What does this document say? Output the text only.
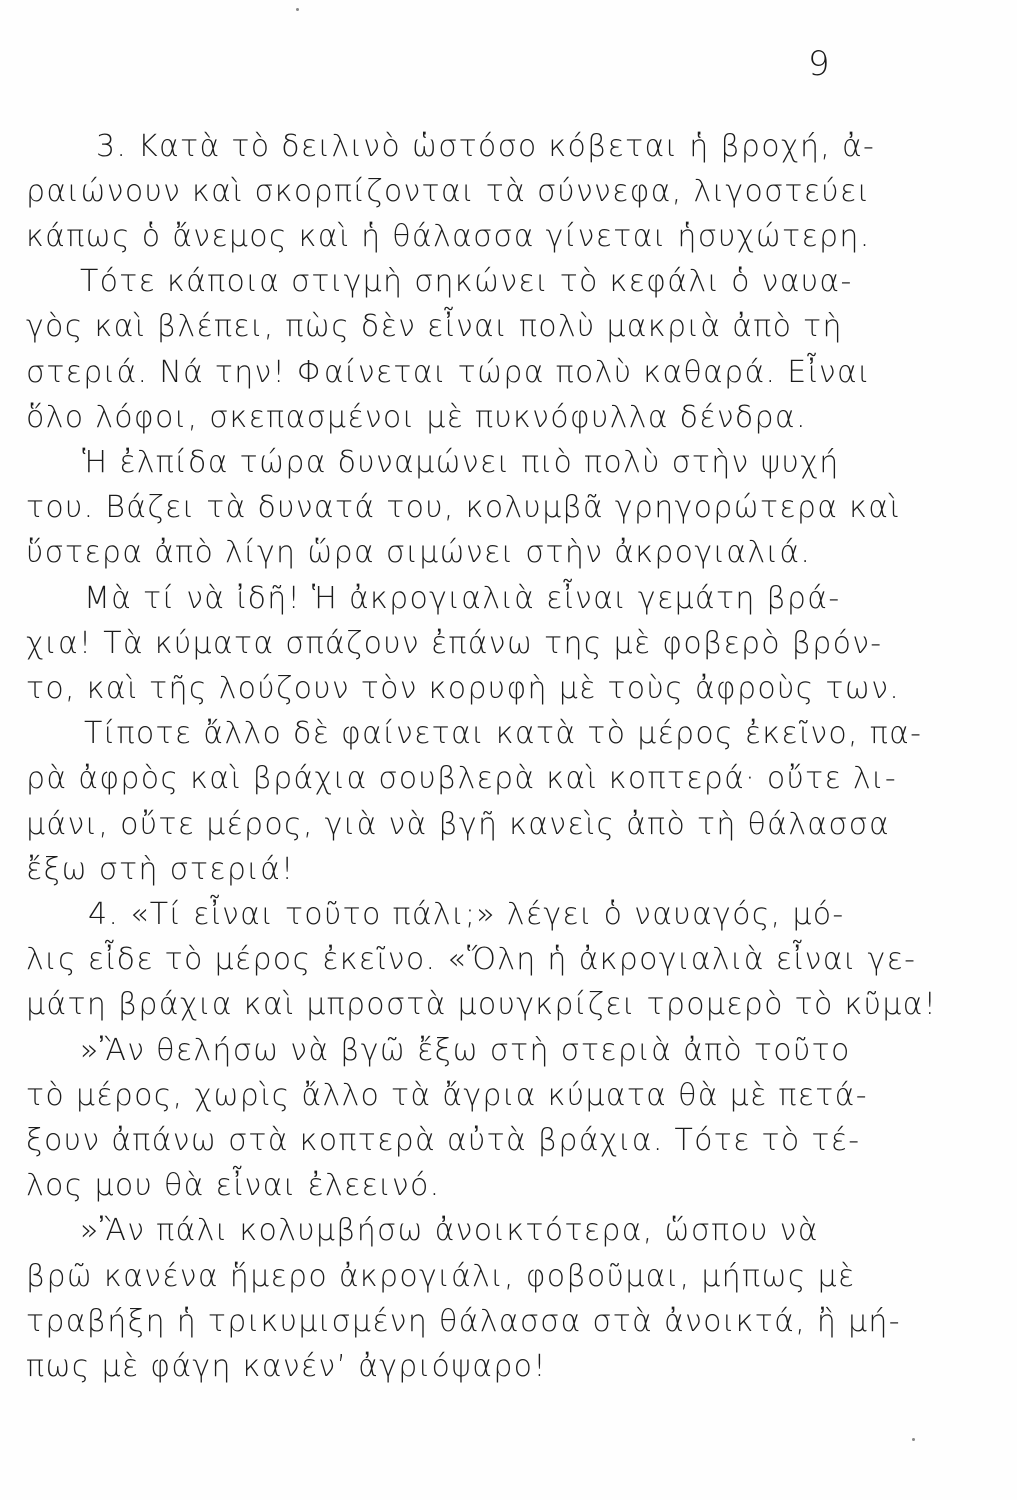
9
3. Κατὰ τὸ δειλινὸ ὡστόσο κόβεται ἡ βροχή, ἀ-
ραιώνουν καὶ σκορπίζονται τὰ σύννεφα, λιγοστεύει
κάπως ὁ ἄνεμος καὶ ἡ θάλασσα γίνεται ἡσυχώτερη.
Τότε κάποια στιγμὴ σηκώνει τὸ κεφάλι ὁ ναυα-
γὸς καὶ βλέπει, πὼς δὲν εἶναι πολὺ μακριὰ ἀπὸ τὴ
στεριά. Νά την! Φαίνεται τώρα πολὺ καθαρά. Εἶναι
ὅλο λόφοι, σκεπασμένοι μὲ πυκνόφυλλα δένδρα.
Ἡ ἐλπίδα τώρα δυναμώνει πιὸ πολὺ στὴν ψυχή
του. Βάζει τὰ δυνατά του, κολυμβᾶ γρηγορώτερα καὶ
ὕστερα ἀπὸ λίγη ὥρα σιμώνει στὴν ἀκρογιαλιά.
Μὰ τί νὰ ἰδῆ! Ἡ ἀκρογιαλιὰ εἶναι γεμάτη βρά-
χια! Τὰ κύματα σπάζουν ἐπάνω της μὲ φοβερὸ βρόν-
το, καὶ τῆς λούζουν τὸν κορυφὴ μὲ τοὺς ἀφροὺς των.
Τίποτε ἄλλο δὲ φαίνεται κατὰ τὸ μέρος ἐκεῖνο, πα-
ρὰ ἀφρὸς καὶ βράχια σουβλερὰ καὶ κοπτερά· οὔτε λι-
μάνι, οὔτε μέρος, γιὰ νὰ βγῆ κανεὶς ἀπὸ τὴ θάλασσα
ἔξω στὴ στεριά!
4. «Τί εἶναι τοῦτο πάλι;» λέγει ὁ ναυαγός, μό-
λις εἶδε τὸ μέρος ἐκεῖνο. «Ὅλη ἡ ἀκρογιαλιὰ εἶναι γε-
μάτη βράχια καὶ μπροστὰ μουγκρίζει τρομερὸ τὸ κῦμα!
»Ἂν θελήσω νὰ βγῶ ἔξω στὴ στεριὰ ἀπὸ τοῦτο
τὸ μέρος, χωρὶς ἄλλο τὰ ἄγρια κύματα θὰ μὲ πετά-
ξουν ἀπάνω στὰ κοπτερὰ αὐτὰ βράχια. Τότε τὸ τέ-
λος μου θὰ εἶναι ἐλεεινό.
»Ἂν πάλι κολυμβήσω ἀνοικτότερα, ὥσπου νὰ
βρῶ κανένα ἥμερο ἀκρογιάλι, φοβοῦμαι, μήπως μὲ
τραβήξη ἡ τρικυμισμένη θάλασσα στὰ ἀνοικτά, ἢ μή-
πως μὲ φάγη κανένʼ ἀγριόψαρο!
